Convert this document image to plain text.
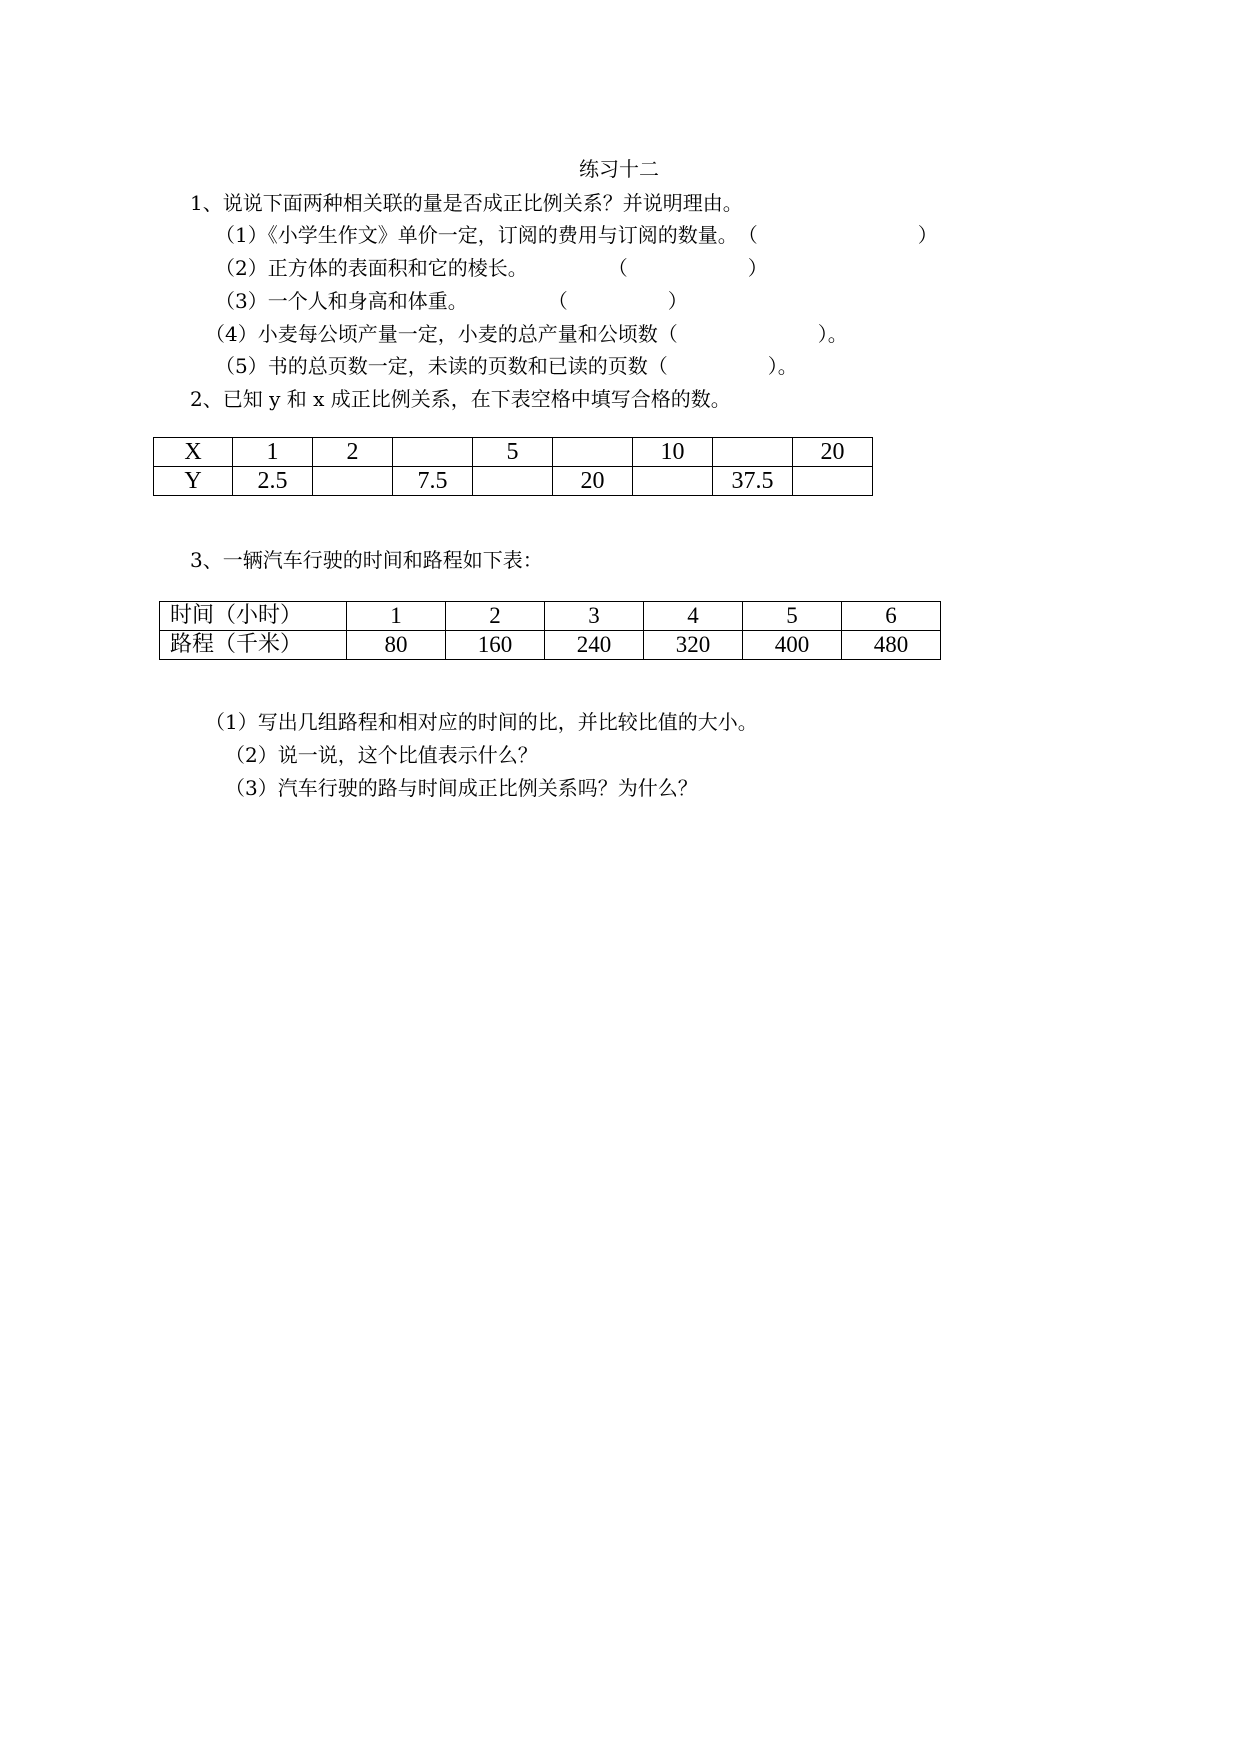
练习十二
1、说说下面两种相关联的量是否成正比例关系？并说明理由。
（1）《小学生作文》单价一定，订阅的费用与订阅的数量。　（　　　　　　　　）
（2）正方体的表面积和它的棱长。　　　　　（　　　　　　）
（3）一个人和身高和体重。　　　　　（　　　　　）
（4）小麦每公顷产量一定，小麦的总产量和公顷数（　　　　　　　）。
（5）书的总页数一定，未读的页数和已读的页数（　　　　　）。
2、已知 y 和 x 成正比例关系，在下表空格中填写合格的数。
X	1	2		5		10		20
Y	2.5		7.5		20		37.5	
3、一辆汽车行驶的时间和路程如下表：
时间（小时）	1	2	3	4	5	6
路程（千米）	80	160	240	320	400	480
（1）写出几组路程和相对应的时间的比，并比较比值的大小。
（2）说一说，这个比值表示什么？
（3）汽车行驶的路与时间成正比例关系吗？为什么？
